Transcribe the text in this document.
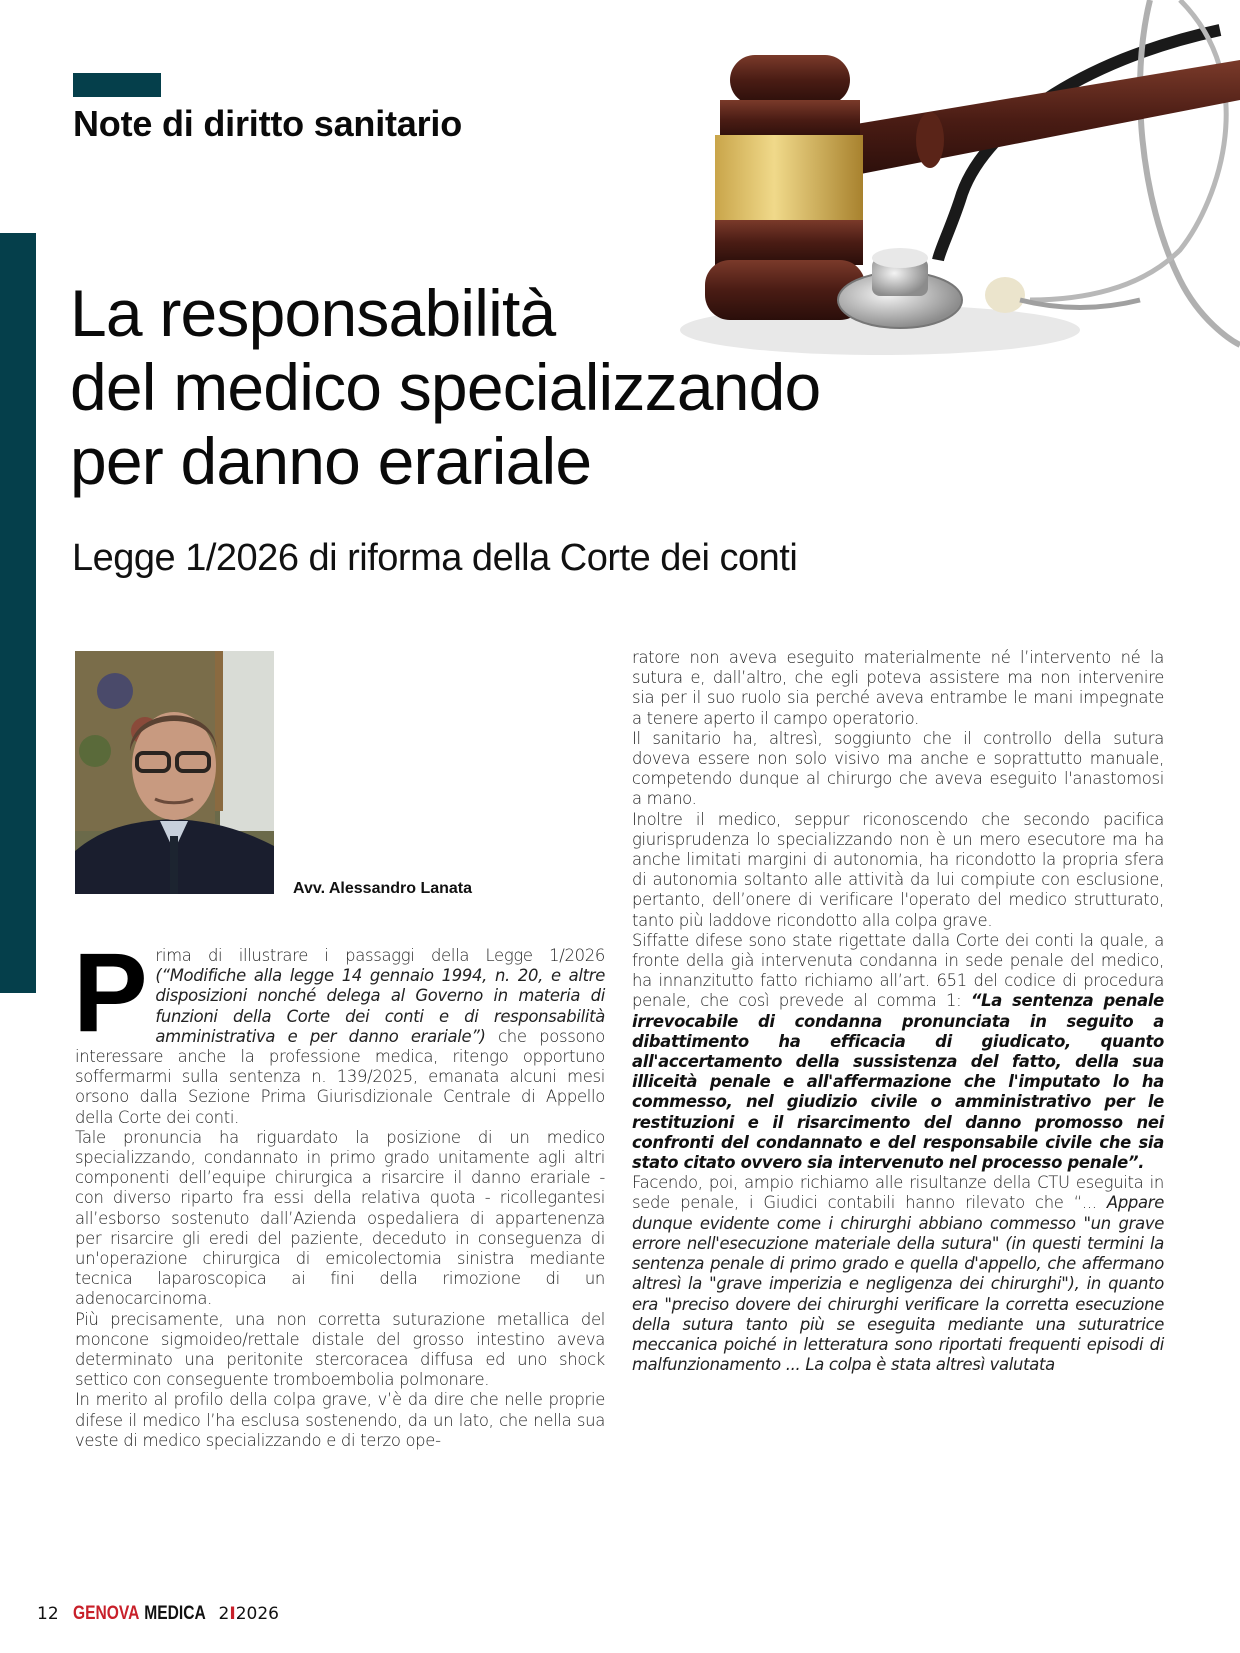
Note di diritto sanitario
La responsabilità
del medico specializzando
per danno erariale
Legge 1/2026 di riforma della Corte dei conti
Avv. Alessandro Lanata

Prima di illustrare i passaggi della Legge 1/2026 (“Modifiche alla legge 14 gennaio 1994, n. 20, e altre disposizioni nonché delega al Governo in materia di funzioni della Corte dei conti e di responsabilità amministrativa e per danno erariale”) che possono interessare anche la professione medica, ritengo opportuno soffermarmi sulla sentenza n. 139/2025, emanata alcuni mesi orsono dalla Sezione Prima Giurisdizionale Centrale di Appello della Corte dei conti.

Tale pronuncia ha riguardato la posizione di un medico specializzando, condannato in primo grado unitamente agli altri componenti dell’equipe chirurgica a risarcire il danno erariale - con diverso riparto fra essi della relativa quota - ricollegantesi all’esborso sostenuto dall’Azienda ospedaliera di appartenenza per risarcire gli eredi del paziente, deceduto in conseguenza di un'operazione chirurgica di emicolectomia sinistra mediante tecnica laparoscopica ai fini della rimozione di un adenocarcinoma.

Più precisamente, una non corretta suturazione metallica del moncone sigmoideo/rettale distale del grosso intestino aveva determinato una peritonite stercoracea diffusa ed uno shock settico con conseguente tromboembolia polmonare.

In merito al profilo della colpa grave, v’è da dire che nelle proprie difese il medico l’ha esclusa sostenendo, da un lato, che nella sua veste di medico specializzando e di terzo ope-

ratore non aveva eseguito materialmente né l’intervento né la sutura e, dall’altro, che egli poteva assistere ma non intervenire sia per il suo ruolo sia perché aveva entrambe le mani impegnate a tenere aperto il campo operatorio.

Il sanitario ha, altresì, soggiunto che il controllo della sutura doveva essere non solo visivo ma anche e soprattutto manuale, competendo dunque al chirurgo che aveva eseguito l'anastomosi a mano.

Inoltre il medico, seppur riconoscendo che secondo pacifica giurisprudenza lo specializzando non è un mero esecutore ma ha anche limitati margini di autonomia, ha ricondotto la propria sfera di autonomia soltanto alle attività da lui compiute con esclusione, pertanto, dell’onere di verificare l'operato del medico strutturato, tanto più laddove ricondotto alla colpa grave.

Siffatte difese sono state rigettate dalla Corte dei conti la quale, a fronte della già intervenuta condanna in sede penale del medico, ha innanzitutto fatto richiamo all’art. 651 del codice di procedura penale, che così prevede al comma 1: “La sentenza penale irrevocabile di condanna pronunciata in seguito a dibattimento ha efficacia di giudicato, quanto all'accertamento della sussistenza del fatto, della sua illiceità penale e all'affermazione che l'imputato lo ha commesso, nel giudizio civile o amministrativo per le restituzioni e il risarcimento del danno promosso nei confronti del condannato e del responsabile civile che sia stato citato ovvero sia intervenuto nel processo penale”.

Facendo, poi, ampio richiamo alle risultanze della CTU eseguita in sede penale, i Giudici contabili hanno rilevato che “... Appare dunque evidente come i chirurghi abbiano commesso "un grave errore nell'esecuzione materiale della sutura" (in questi termini la sentenza penale di primo grado e quella d'appello, che affermano altresì la "grave imperizia e negligenza dei chirurghi"), in quanto era "preciso dovere dei chirurghi verificare la corretta esecuzione della sutura tanto più se eseguita mediante una suturatrice meccanica poiché in letteratura sono riportati frequenti episodi di malfunzionamento ... La colpa è stata altresì valutata

12 GENOVA MEDICA 2I2026
